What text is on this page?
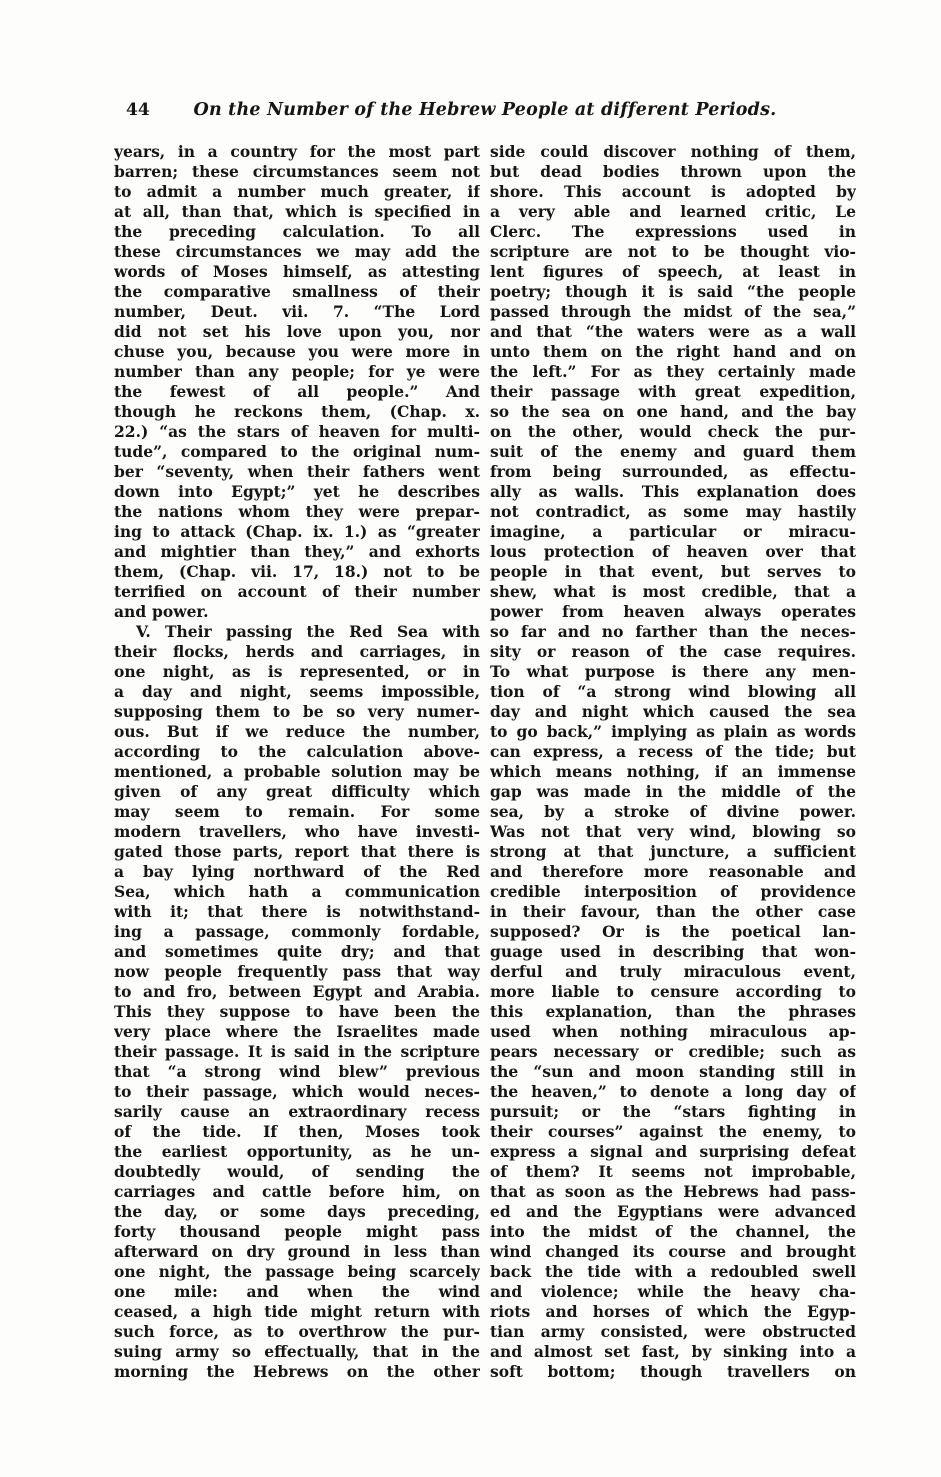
44	On the Number of the Hebrew People at different Periods.
years, in a country for the most part
barren; these circumstances seem not
to admit a number much greater, if
at all, than that, which is specified in
the preceding calculation. To all
these circumstances we may add the
words of Moses himself, as attesting
the comparative smallness of their
number, Deut. vii. 7. “The Lord
did not set his love upon you, nor
chuse you, because you were more in
number than any people; for ye were
the fewest of all people.” And
though he reckons them, (Chap. x.
22.) “as the stars of heaven for multi-
tude”, compared to the original num-
ber “seventy, when their fathers went
down into Egypt;” yet he describes
the nations whom they were prepar-
ing to attack (Chap. ix. 1.) as “greater
and mightier than they,” and exhorts
them, (Chap. vii. 17, 18.) not to be
terrified on account of their number
and power.
V. Their passing the Red Sea with
their flocks, herds and carriages, in
one night, as is represented, or in
a day and night, seems impossible,
supposing them to be so very numer-
ous. But if we reduce the number,
according to the calculation above-
mentioned, a probable solution may be
given of any great difficulty which
may seem to remain. For some
modern travellers, who have investi-
gated those parts, report that there is
a bay lying northward of the Red
Sea, which hath a communication
with it; that there is notwithstand-
ing a passage, commonly fordable,
and sometimes quite dry; and that
now people frequently pass that way
to and fro, between Egypt and Arabia.
This they suppose to have been the
very place where the Israelites made
their passage. It is said in the scripture
that “a strong wind blew” previous
to their passage, which would neces-
sarily cause an extraordinary recess
of the tide. If then, Moses took
the earliest opportunity, as he un-
doubtedly would, of sending the
carriages and cattle before him, on
the day, or some days preceding,
forty thousand people might pass
afterward on dry ground in less than
one night, the passage being scarcely
one mile: and when the wind
ceased, a high tide might return with
such force, as to overthrow the pur-
suing army so effectually, that in the
morning the Hebrews on the other
side could discover nothing of them,
but dead bodies thrown upon the
shore. This account is adopted by
a very able and learned critic, Le
Clerc. The expressions used in
scripture are not to be thought vio-
lent figures of speech, at least in
poetry; though it is said “the people
passed through the midst of the sea,”
and that “the waters were as a wall
unto them on the right hand and on
the left.” For as they certainly made
their passage with great expedition,
so the sea on one hand, and the bay
on the other, would check the pur-
suit of the enemy and guard them
from being surrounded, as effectu-
ally as walls. This explanation does
not contradict, as some may hastily
imagine, a particular or miracu-
lous protection of heaven over that
people in that event, but serves to
shew, what is most credible, that a
power from heaven always operates
so far and no farther than the neces-
sity or reason of the case requires.
To what purpose is there any men-
tion of “a strong wind blowing all
day and night which caused the sea
to go back,” implying as plain as words
can express, a recess of the tide; but
which means nothing, if an immense
gap was made in the middle of the
sea, by a stroke of divine power.
Was not that very wind, blowing so
strong at that juncture, a sufficient
and therefore more reasonable and
credible interposition of providence
in their favour, than the other case
supposed? Or is the poetical lan-
guage used in describing that won-
derful and truly miraculous event,
more liable to censure according to
this explanation, than the phrases
used when nothing miraculous ap-
pears necessary or credible; such as
the “sun and moon standing still in
the heaven,” to denote a long day of
pursuit; or the “stars fighting in
their courses” against the enemy, to
express a signal and surprising defeat
of them? It seems not improbable,
that as soon as the Hebrews had pass-
ed and the Egyptians were advanced
into the midst of the channel, the
wind changed its course and brought
back the tide with a redoubled swell
and violence; while the heavy cha-
riots and horses of which the Egyp-
tian army consisted, were obstructed
and almost set fast, by sinking into a
soft bottom; though travellers on
